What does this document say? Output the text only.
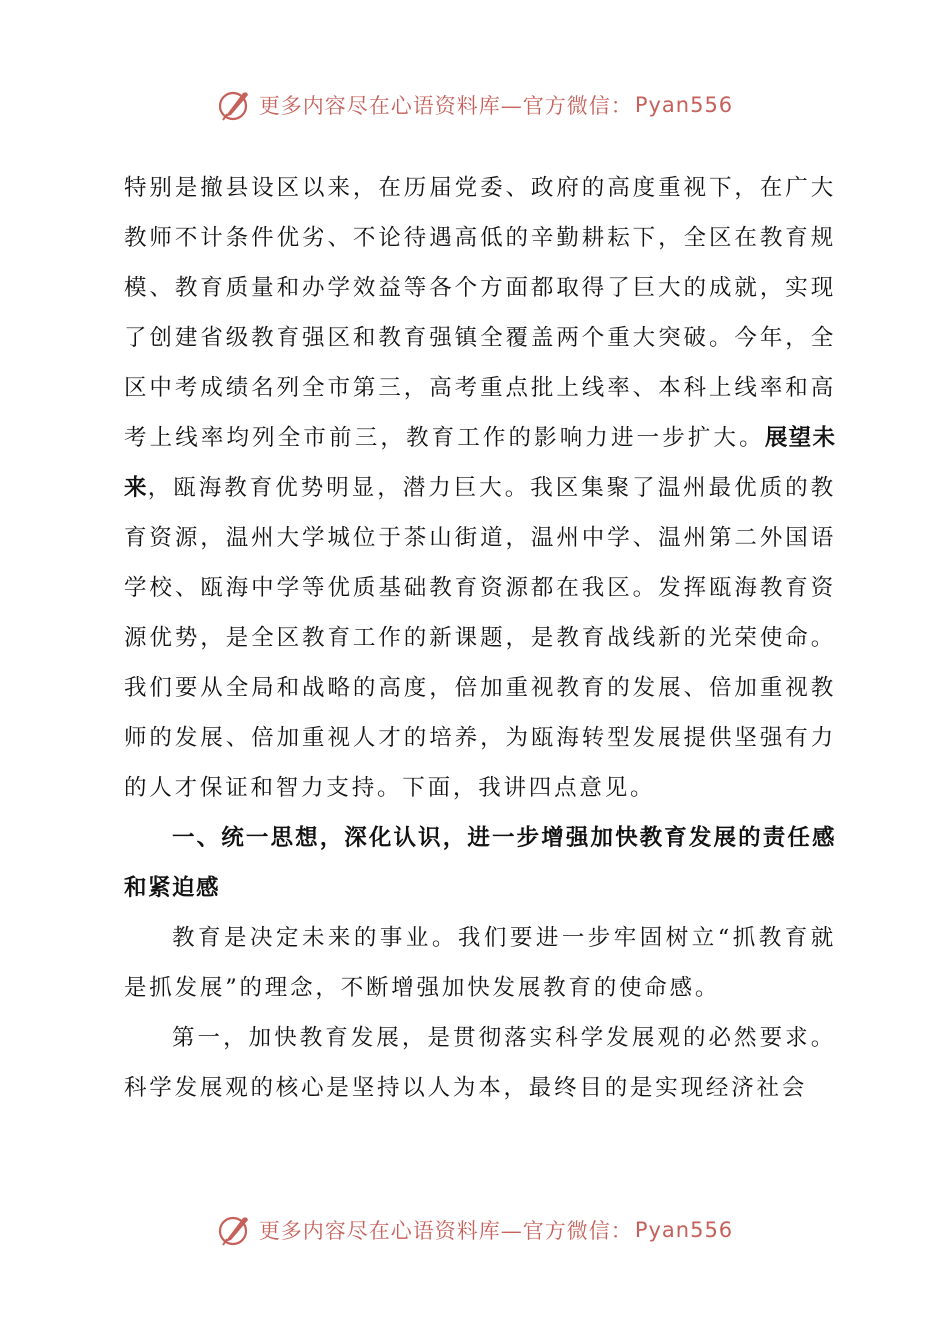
更多内容尽在心语资料库—官方微信： Pyan556

特别是撤县设区以来，在历届党委、政府的高度重视下，在广大教师不计条件优劣、不论待遇高低的辛勤耕耘下，全区在教育规模、教育质量和办学效益等各个方面都取得了巨大的成就，实现了创建省级教育强区和教育强镇全覆盖两个重大突破。今年，全区中考成绩名列全市第三，高考重点批上线率、本科上线率和高考上线率均列全市前三，教育工作的影响力进一步扩大。展望未来，瓯海教育优势明显，潜力巨大。我区集聚了温州最优质的教育资源，温州大学城位于茶山街道，温州中学、温州第二外国语学校、瓯海中学等优质基础教育资源都在我区。发挥瓯海教育资源优势，是全区教育工作的新课题，是教育战线新的光荣使命。我们要从全局和战略的高度，倍加重视教育的发展、倍加重视教师的发展、倍加重视人才的培养，为瓯海转型发展提供坚强有力的人才保证和智力支持。下面，我讲四点意见。

一、统一思想，深化认识，进一步增强加快教育发展的责任感和紧迫感

教育是决定未来的事业。我们要进一步牢固树立“抓教育就是抓发展”的理念，不断增强加快发展教育的使命感。

第一，加快教育发展，是贯彻落实科学发展观的必然要求。科学发展观的核心是坚持以人为本，最终目的是实现经济社会

更多内容尽在心语资料库—官方微信： Pyan556
